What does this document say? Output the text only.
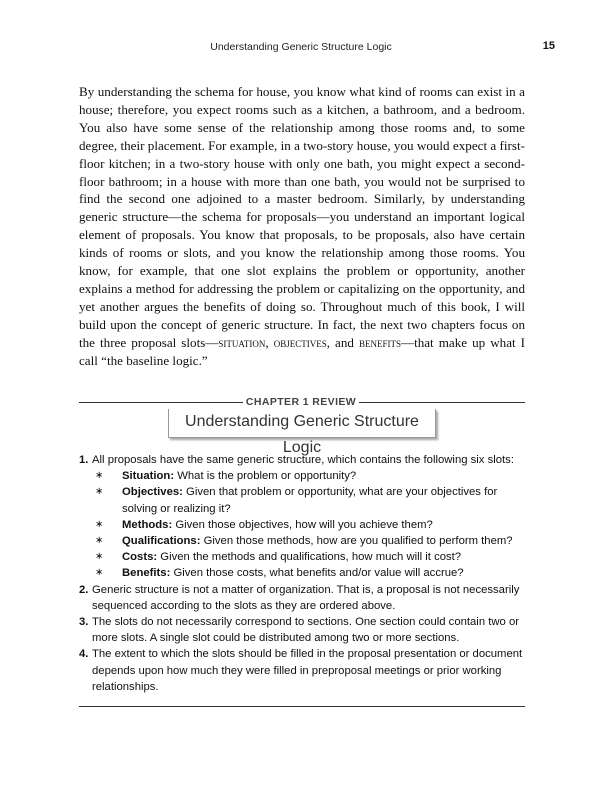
Understanding Generic Structure Logic	15

By understanding the schema for house, you know what kind of rooms can exist in a house; therefore, you expect rooms such as a kitchen, a bathroom, and a bedroom. You also have some sense of the relationship among those rooms and, to some degree, their placement. For example, in a two-story house, you would expect a first-floor kitchen; in a two-story house with only one bath, you might expect a second-floor bathroom; in a house with more than one bath, you would not be surprised to find the second one adjoined to a master bedroom. Similarly, by understanding generic structure—the schema for proposals—you understand an important logical element of proposals. You know that proposals, to be proposals, also have certain kinds of rooms or slots, and you know the relationship among those rooms. You know, for example, that one slot explains the problem or opportunity, another explains a method for addressing the problem or capitalizing on the opportunity, and yet another argues the benefits of doing so. Throughout much of this book, I will build upon the concept of generic structure. In fact, the next two chapters focus on the three proposal slots—situation, objectives, and benefits—that make up what I call “the baseline logic.”

CHAPTER 1 REVIEW
Understanding Generic Structure Logic
1. All proposals have the same generic structure, which contains the following six slots:
∗ Situation: What is the problem or opportunity?
∗ Objectives: Given that problem or opportunity, what are your objectives for solving or realizing it?
∗ Methods: Given those objectives, how will you achieve them?
∗ Qualifications: Given those methods, how are you qualified to perform them?
∗ Costs: Given the methods and qualifications, how much will it cost?
∗ Benefits: Given those costs, what benefits and/or value will accrue?
2. Generic structure is not a matter of organization. That is, a proposal is not necessarily sequenced according to the slots as they are ordered above.
3. The slots do not necessarily correspond to sections. One section could contain two or more slots. A single slot could be distributed among two or more sections.
4. The extent to which the slots should be filled in the proposal presentation or document depends upon how much they were filled in preproposal meetings or prior working relationships.
